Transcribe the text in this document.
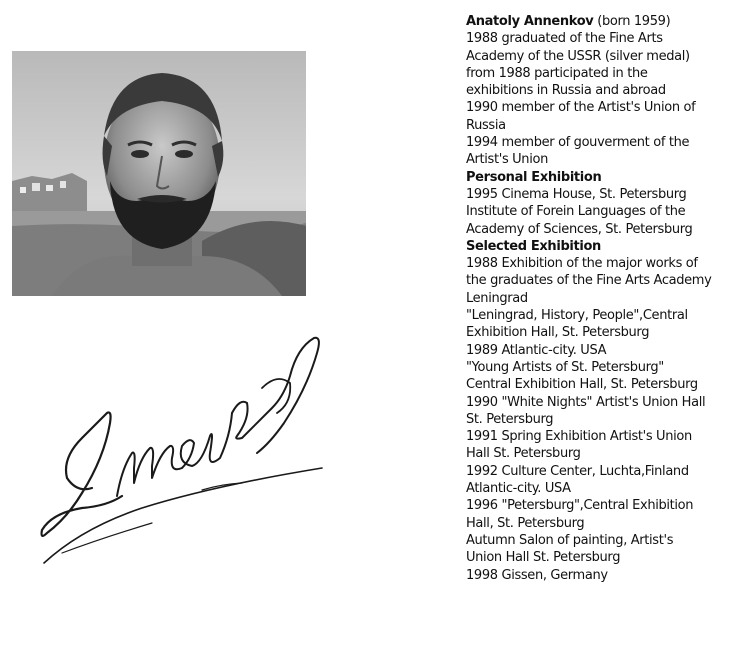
Anatoly Annenkov (born 1959)
1988 graduated of the Fine Arts
Academy of the USSR (silver medal)
from 1988 participated in the
exhibitions in Russia and abroad
1990 member of the Artist's Union of
Russia
1994 member of gouverment of the
Artist's Union
Personal Exhibition
1995 Cinema House, St. Petersburg
Institute of Forein Languages of the
Academy of Sciences, St. Petersburg
Selected Exhibition
1988 Exhibition of the major works of
the graduates of the Fine Arts Academy
Leningrad
"Leningrad, History, People",Central
Exhibition Hall, St. Petersburg
1989 Atlantic-city. USA
"Young Artists of St. Petersburg"
Central Exhibition Hall, St. Petersburg
1990 "White Nights" Artist's Union Hall
St. Petersburg
1991 Spring Exhibition Artist's Union
Hall St. Petersburg
1992 Culture Center, Luchta,Finland
Atlantic-city. USA
1996 "Petersburg",Central Exhibition
Hall, St. Petersburg
Autumn Salon of painting, Artist's
Union Hall St. Petersburg
1998 Gissen, Germany
